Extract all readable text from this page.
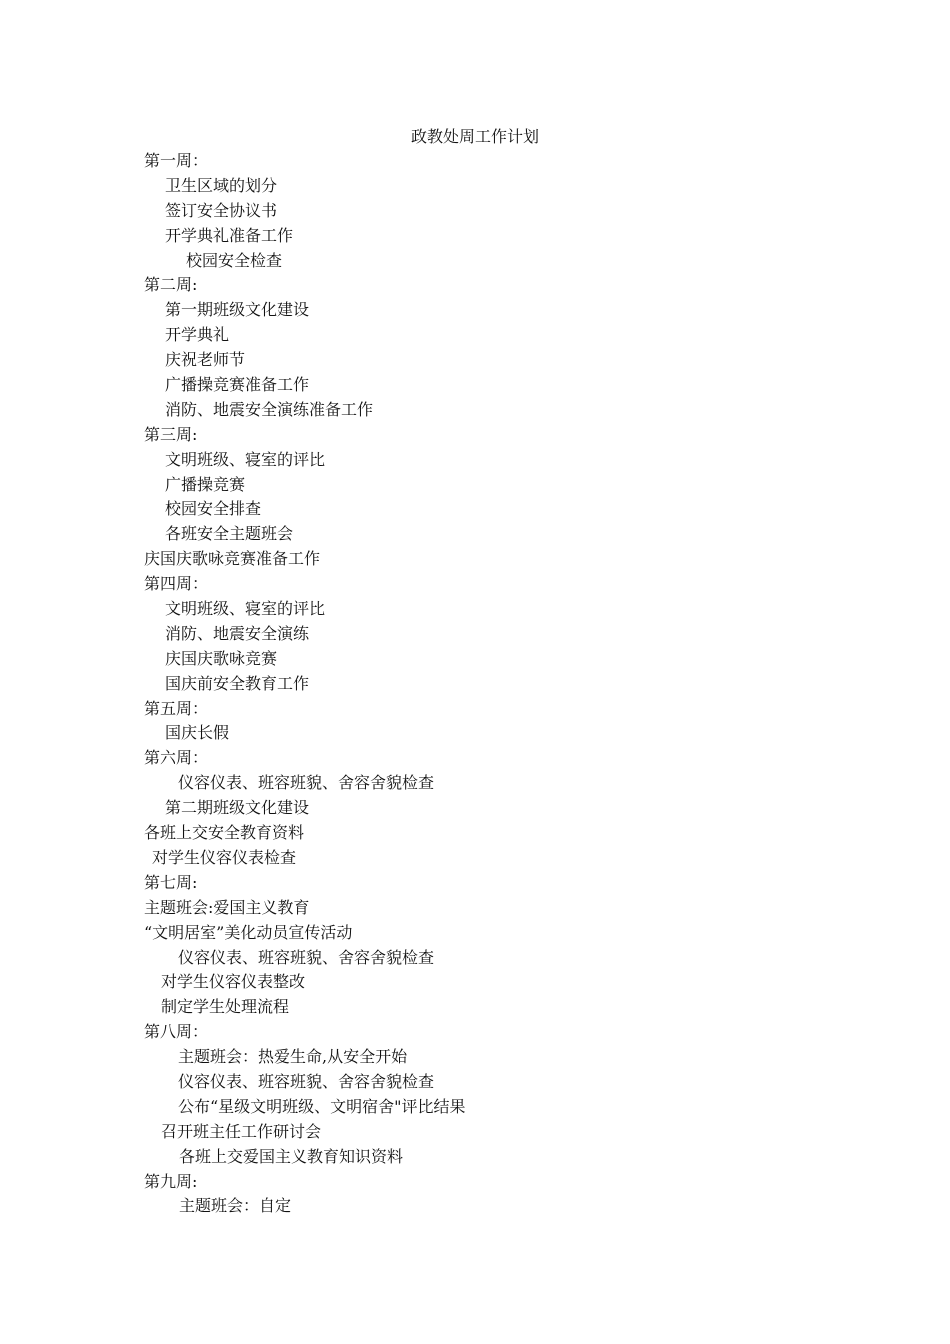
政教处周工作计划
第一周：
卫生区域的划分
签订安全协议书
开学典礼准备工作
校园安全检查
第二周:
第一期班级文化建设
开学典礼
庆祝老师节
广播操竞赛准备工作
消防、地震安全演练准备工作
第三周:
文明班级、寝室的评比
广播操竞赛
校园安全排查
各班安全主题班会
庆国庆歌咏竞赛准备工作
第四周：
文明班级、寝室的评比
消防、地震安全演练
庆国庆歌咏竞赛
国庆前安全教育工作
第五周：
国庆长假
第六周：
仪容仪表、班容班貌、舍容舍貌检查
第二期班级文化建设
各班上交安全教育资料
对学生仪容仪表检查
第七周:
主题班会:爱国主义教育
“文明居室”美化动员宣传活动
仪容仪表、班容班貌、舍容舍貌检查
对学生仪容仪表整改
制定学生处理流程
第八周：
主题班会：热爱生命,从安全开始
仪容仪表、班容班貌、舍容舍貌检查
公布“星级文明班级、文明宿舍"评比结果
召开班主任工作研讨会
各班上交爱国主义教育知识资料
第九周:
主题班会：自定
